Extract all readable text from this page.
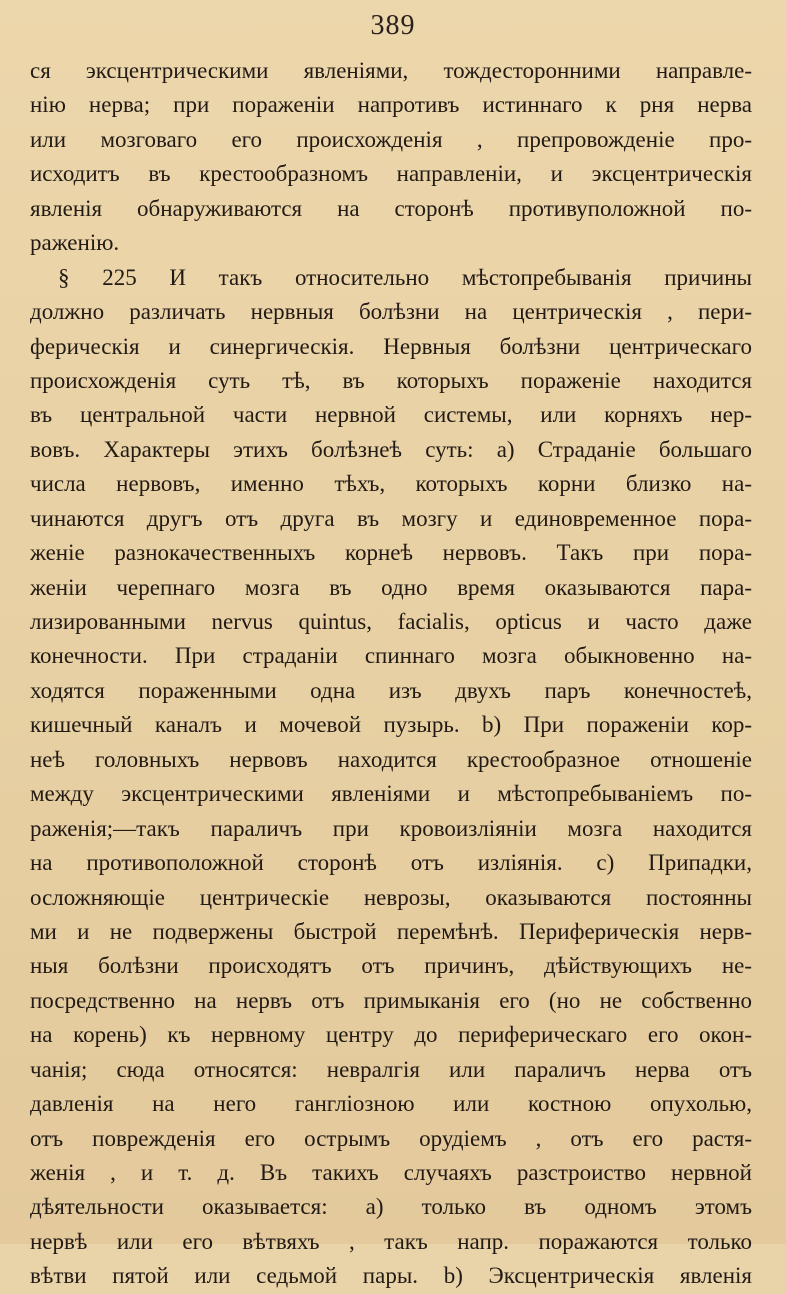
389
ся эксцентрическими явленіями, тождесторонними направле-
нію нерва; при пораженіи напротивъ истиннаго к рня нерва
или мозговаго его происхожденія , препровожденіе про-
исходитъ въ крестообразномъ направленіи, и эксцентрическія
явленія обнаруживаются на сторонѣ противуположной по-
раженію.
§ 225 И такъ относительно мѣстопребыванія причины
должно различать нервныя болѣзни на центрическія , пери-
ферическія и синергическія. Нервныя болѣзни центрическаго
происхожденія суть тѣ, въ которыхъ пораженіе находится
въ центральной части нервной системы, или корняхъ нер-
вовъ. Характеры этихъ болѣзнеѣ суть: а) Страданіе большаго
числа нервовъ, именно тѣхъ, которыхъ корни близко на-
чинаются другъ отъ друга въ мозгу и единовременное пора-
женіе разнокачественныхъ корнеѣ нервовъ. Такъ при пора-
женіи черепнаго мозга въ одно время оказываются пара-
лизированными nervus quintus, facialis, opticus и часто даже
конечности. При страданіи спиннаго мозга обыкновенно на-
ходятся пораженными одна изъ двухъ паръ конечностеѣ,
кишечный каналъ и мочевой пузырь. b) При пораженіи кор-
неѣ головныхъ нервовъ находится крестообразное отношеніе
между эксцентрическими явленіями и мѣстопребываніемъ по-
раженія;—такъ параличъ при кровоизліяніи мозга находится
на противоположной сторонѣ отъ изліянія. с) Припадки,
осложняющіе центрическіе неврозы, оказываются постоянны
ми и не подвержены быстрой перемѣнѣ. Периферическія нерв-
ныя болѣзни происходятъ отъ причинъ, дѣйствующихъ не-
посредственно на нервъ отъ примыканія его (но не собственно
на корень) къ нервному центру до периферическаго его окон-
чанія; сюда относятся: невралгія или параличъ нерва отъ
давленія на него гангліозною или костною опухолью,
отъ поврежденія его острымъ орудіемъ , отъ его растя-
женія , и т. д. Въ такихъ случаяхъ разстроиство нервной
дѣятельности оказывается: а) только въ одномъ этомъ
нервѣ или его вѣтвяхъ , такъ напр. поражаются только
вѣтви пятой или седьмой пары. b) Эксцентрическія явленія
